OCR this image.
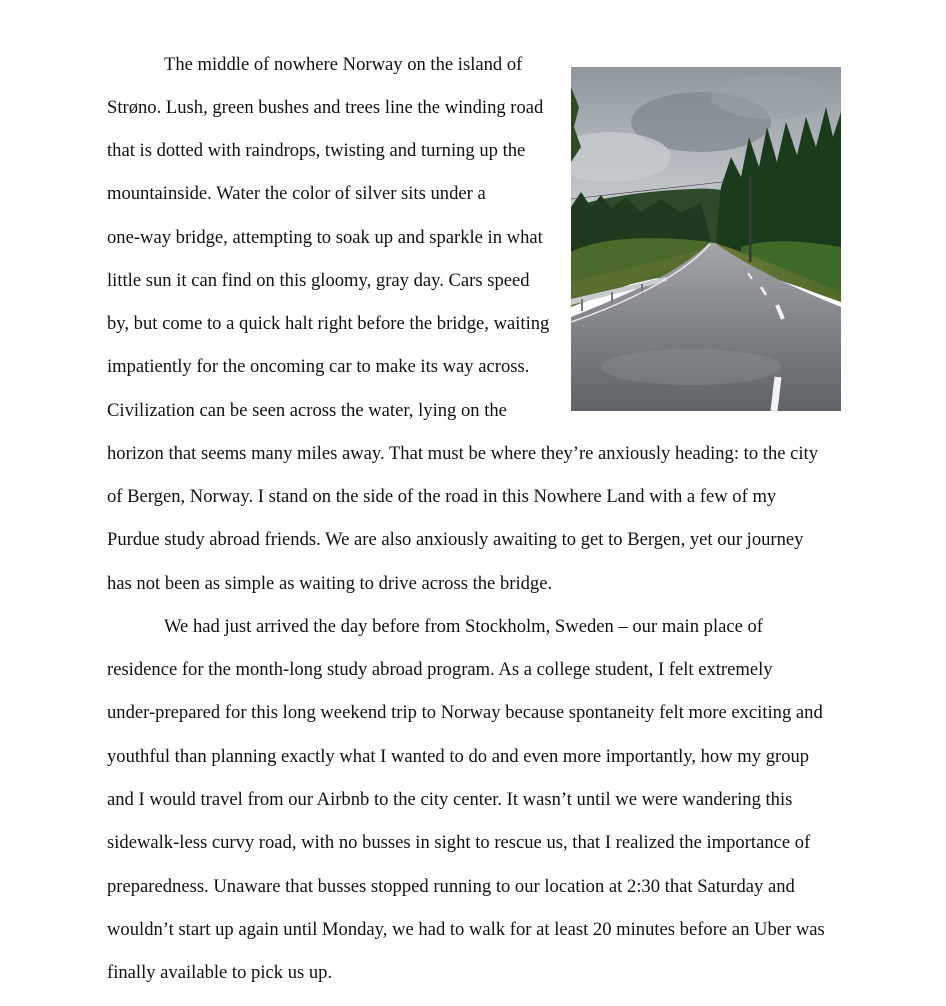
The middle of nowhere Norway on the island of
Strøno. Lush, green bushes and trees line the winding road
that is dotted with raindrops, twisting and turning up the
mountainside. Water the color of silver sits under a
one-way bridge, attempting to soak up and sparkle in what
little sun it can find on this gloomy, gray day. Cars speed
by, but come to a quick halt right before the bridge, waiting
impatiently for the oncoming car to make its way across.
Civilization can be seen across the water, lying on the
horizon that seems many miles away. That must be where they’re anxiously heading: to the city
of Bergen, Norway. I stand on the side of the road in this Nowhere Land with a few of my
Purdue study abroad friends. We are also anxiously awaiting to get to Bergen, yet our journey
has not been as simple as waiting to drive across the bridge.
We had just arrived the day before from Stockholm, Sweden – our main place of
residence for the month-long study abroad program. As a college student, I felt extremely
under-prepared for this long weekend trip to Norway because spontaneity felt more exciting and
youthful than planning exactly what I wanted to do and even more importantly, how my group
and I would travel from our Airbnb to the city center. It wasn’t until we were wandering this
sidewalk-less curvy road, with no busses in sight to rescue us, that I realized the importance of
preparedness. Unaware that busses stopped running to our location at 2:30 that Saturday and
wouldn’t start up again until Monday, we had to walk for at least 20 minutes before an Uber was
finally available to pick us up.
